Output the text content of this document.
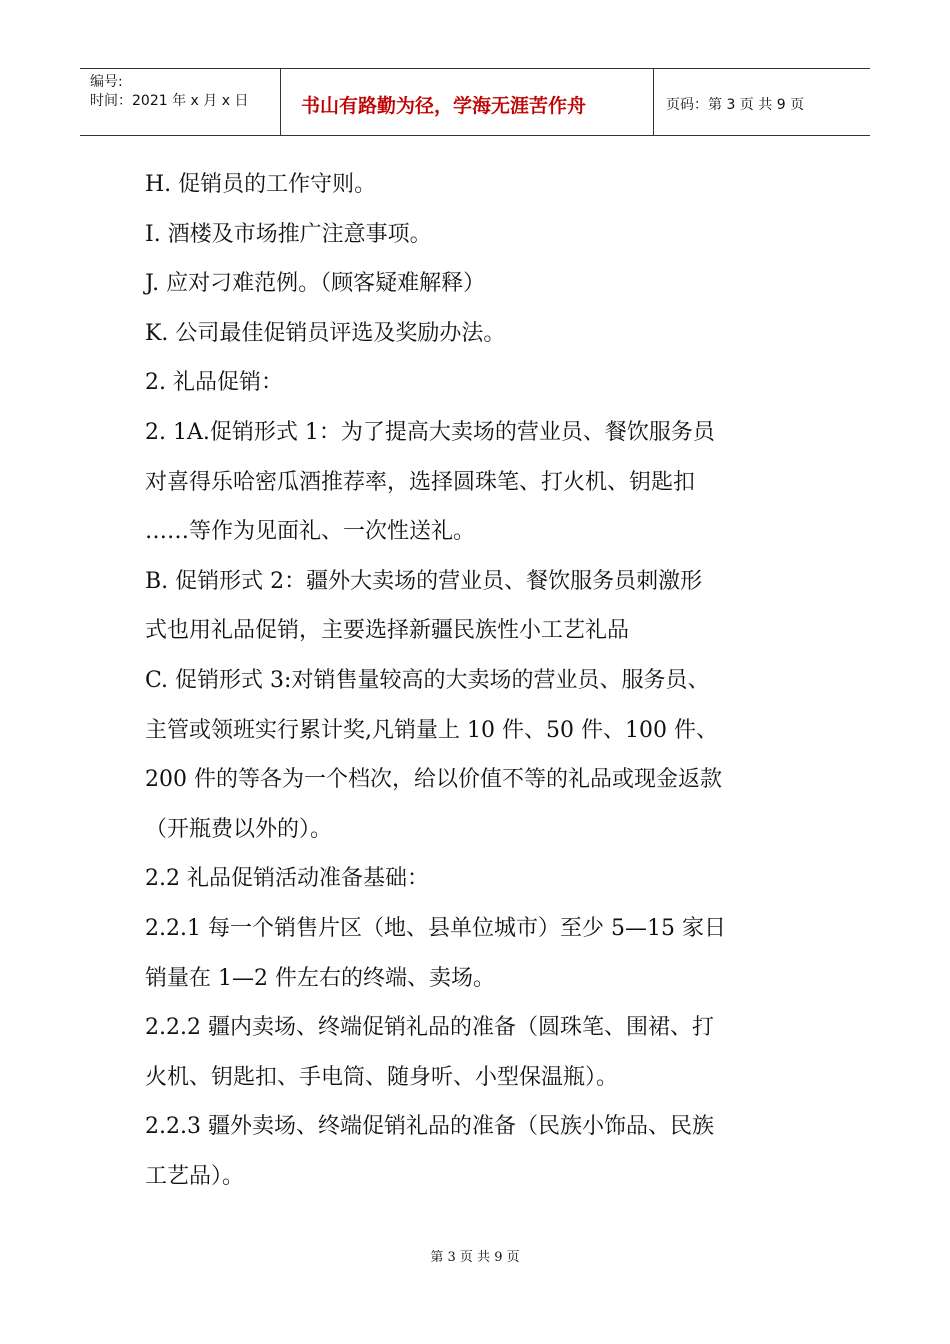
编号:
时间：2021 年 x 月 x 日	书山有路勤为径，学海无涯苦作舟	页码：第 3 页 共 9 页
H. 促销员的工作守则。
I. 酒楼及市场推广注意事项。
J. 应对刁难范例。（顾客疑难解释）
K. 公司最佳促销员评选及奖励办法。
2. 礼品促销：
2. 1A.促销形式 1：为了提高大卖场的营业员、餐饮服务员
对喜得乐哈密瓜酒推荐率，选择圆珠笔、打火机、钥匙扣
……等作为见面礼、一次性送礼。
B. 促销形式 2：疆外大卖场的营业员、餐饮服务员刺激形
式也用礼品促销，主要选择新疆民族性小工艺礼品
C. 促销形式 3:对销售量较高的大卖场的营业员、服务员、
主管或领班实行累计奖,凡销量上 10 件、50 件、100 件、
200 件的等各为一个档次，给以价值不等的礼品或现金返款
（开瓶费以外的）。
2.2 礼品促销活动准备基础：
2.2.1 每一个销售片区（地、县单位城市）至少 5—15 家日
销量在 1—2 件左右的终端、卖场。
2.2.2 疆内卖场、终端促销礼品的准备（圆珠笔、围裙、打
火机、钥匙扣、手电筒、随身听、小型保温瓶）。
2.2.3 疆外卖场、终端促销礼品的准备（民族小饰品、民族
工艺品）。
第 3 页 共 9 页
